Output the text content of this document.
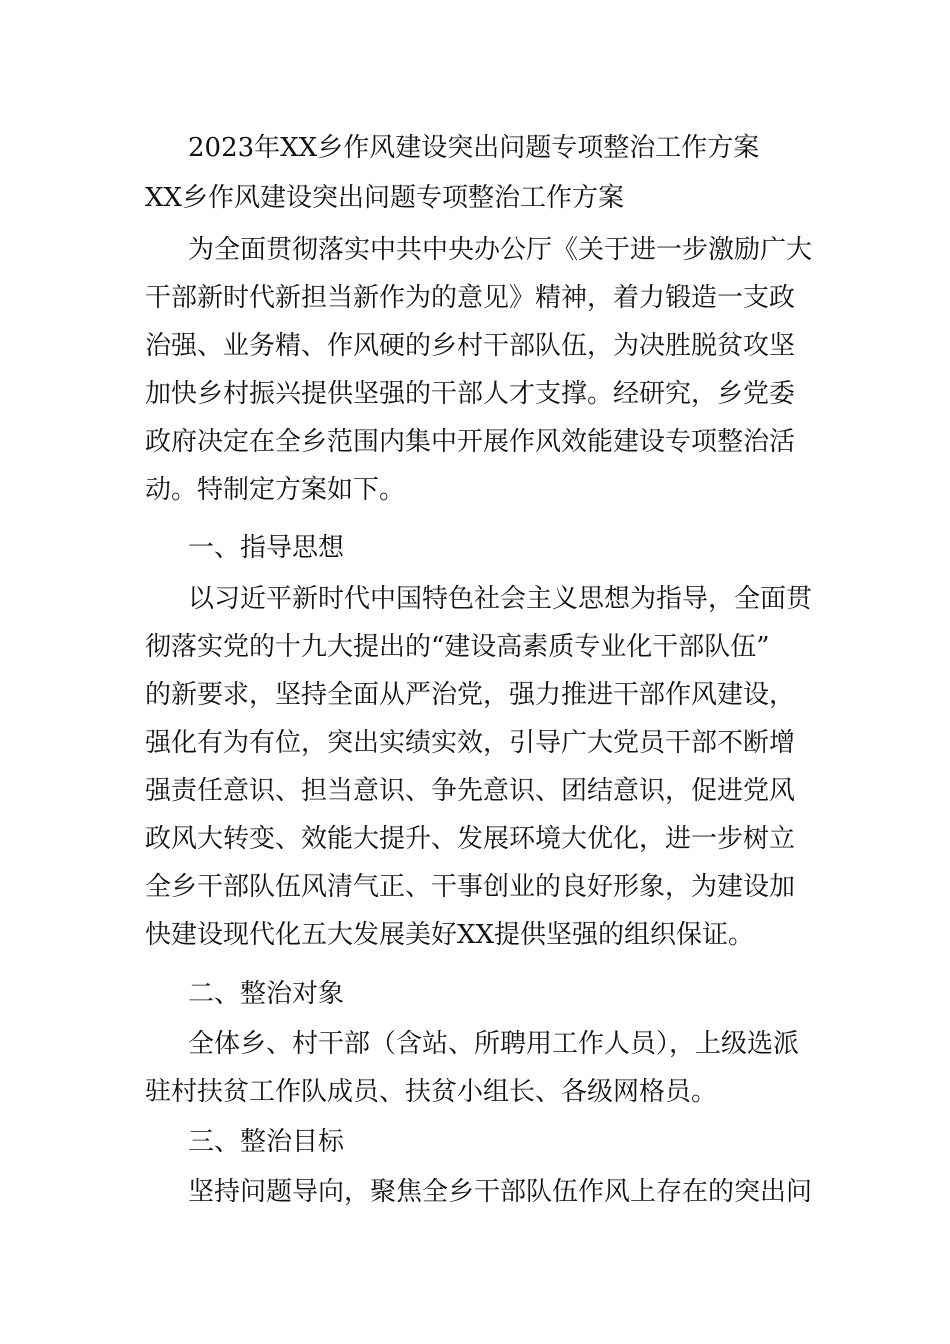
2023年XX乡作风建设突出问题专项整治工作方案
XX乡作风建设突出问题专项整治工作方案
为全面贯彻落实中共中央办公厅《关于进一步激励广大
干部新时代新担当新作为的意见》精神，着力锻造一支政
治强、业务精、作风硬的乡村干部队伍，为决胜脱贫攻坚
加快乡村振兴提供坚强的干部人才支撑。经研究，乡党委
政府决定在全乡范围内集中开展作风效能建设专项整治活
动。特制定方案如下。
一、指导思想
以习近平新时代中国特色社会主义思想为指导，全面贯
彻落实党的十九大提出的“建设高素质专业化干部队伍”
的新要求，坚持全面从严治党，强力推进干部作风建设，
强化有为有位，突出实绩实效，引导广大党员干部不断增
强责任意识、担当意识、争先意识、团结意识，促进党风
政风大转变、效能大提升、发展环境大优化，进一步树立
全乡干部队伍风清气正、干事创业的良好形象，为建设加
快建设现代化五大发展美好XX提供坚强的组织保证。
二、整治对象
全体乡、村干部（含站、所聘用工作人员），上级选派
驻村扶贫工作队成员、扶贫小组长、各级网格员。
三、整治目标
坚持问题导向，聚焦全乡干部队伍作风上存在的突出问
